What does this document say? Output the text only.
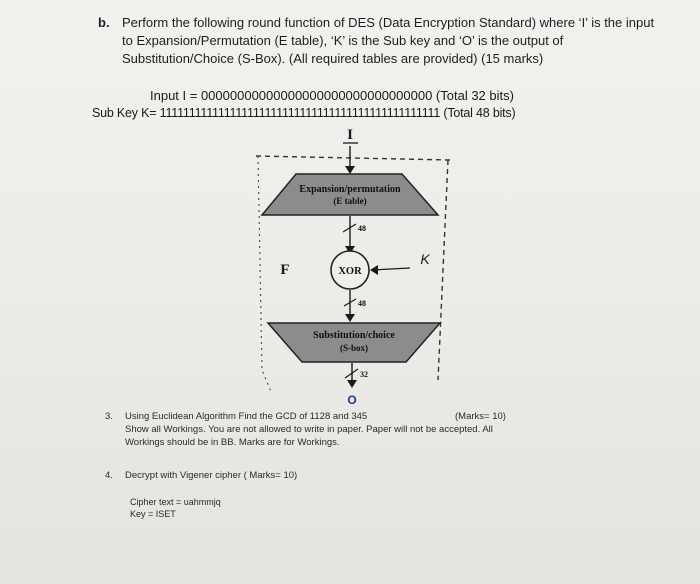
b. Perform the following round function of DES (Data Encryption Standard) where ‘I’ is the input to Expansion/Permutation (E table), ‘K’ is the Sub key and ‘O’ is the output of Substitution/Choice (S-Box). (All required tables are provided) (15 marks)
Input I = 00000000000000000000000000000000 (Total 32 bits)
Sub Key K= 111111111111111111111111111111111111111111111111 (Total 48 bits)
I
Expansion/permutation
(E table)
48
F	XOR
K
48
Substitution/choice
(S-box)
32
O
3. Using Euclidean Algorithm Find the GCD of 1128 and 345
Show all Workings. You are not allowed to write in paper. Paper will not be accepted. All
Workings should be in BB. Marks are for Workings.
(Marks= 10)
4. Decrypt with Vigener cipher ( Marks= 10)
Cipher text = uahmmjq
Key = ISET
